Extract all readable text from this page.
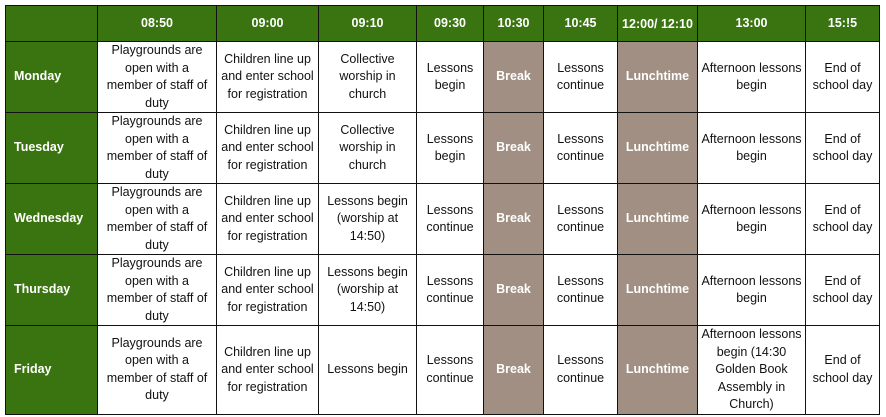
	08:50	09:00	09:10	09:30	10:30	10:45	12:00/ 12:10	13:00	15:!5
Monday	Playgrounds are open with a member of staff of duty	Children line up and enter school for registration	Collective worship in church	Lessons begin	Break	Lessons continue	Lunchtime	Afternoon lessons begin	End of school day
Tuesday	Playgrounds are open with a member of staff of duty	Children line up and enter school for registration	Collective worship in church	Lessons begin	Break	Lessons continue	Lunchtime	Afternoon lessons begin	End of school day
Wednesday	Playgrounds are open with a member of staff of duty	Children line up and enter school for registration	Lessons begin (worship at 14:50)	Lessons continue	Break	Lessons continue	Lunchtime	Afternoon lessons begin	End of school day
Thursday	Playgrounds are open with a member of staff of duty	Children line up and enter school for registration	Lessons begin (worship at 14:50)	Lessons continue	Break	Lessons continue	Lunchtime	Afternoon lessons begin	End of school day
Friday	Playgrounds are open with a member of staff of duty	Children line up and enter school for registration	Lessons begin	Lessons continue	Break	Lessons continue	Lunchtime	Afternoon lessons begin (14:30 Golden Book Assembly in Church)	End of school day
